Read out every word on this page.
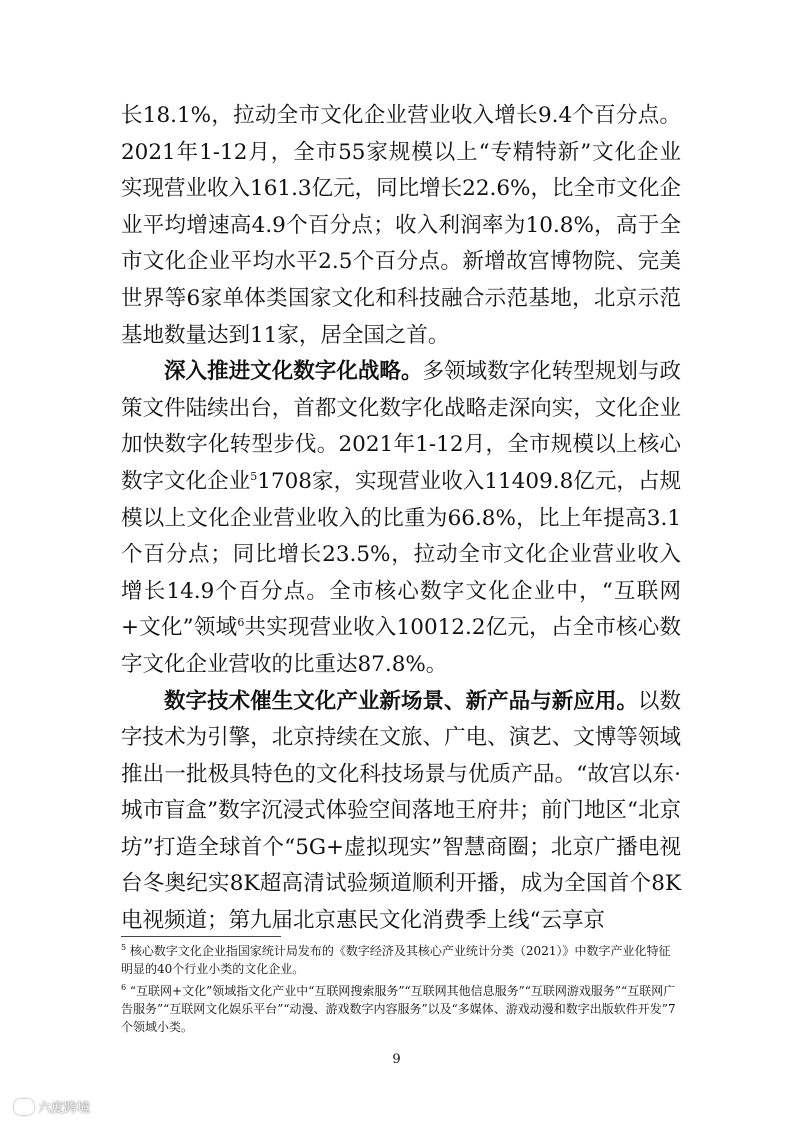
长18.1%，拉动全市文化企业营业收入增长9.4个百分点。2021年1-12月，全市55家规模以上“专精特新”文化企业实现营业收入161.3亿元，同比增长22.6%，比全市文化企业平均增速高4.9个百分点；收入利润率为10.8%，高于全市文化企业平均水平2.5个百分点。新增故宫博物院、完美世界等6家单体类国家文化和科技融合示范基地，北京示范基地数量达到11家，居全国之首。

深入推进文化数字化战略。多领域数字化转型规划与政策文件陆续出台，首都文化数字化战略走深向实，文化企业加快数字化转型步伐。2021年1-12月，全市规模以上核心数字文化企业$^5$1708家，实现营业收入11409.8亿元，占规模以上文化企业营业收入的比重为66.8%，比上年提高3.1个百分点；同比增长23.5%，拉动全市文化企业营业收入增长14.9个百分点。全市核心数字文化企业中，“互联网+文化”领域$^6$共实现营业收入10012.2亿元，占全市核心数字文化企业营收的比重达87.8%。

数字技术催生文化产业新场景、新产品与新应用。以数字技术为引擎，北京持续在文旅、广电、演艺、文博等领域推出一批极具特色的文化科技场景与优质产品。“故宫以东·城市盲盒”数字沉浸式体验空间落地王府井；前门地区“北京坊”打造全球首个“5G+虚拟现实”智慧商圈；北京广播电视台冬奥纪实8K超高清试验频道顺利开播，成为全国首个8K电视频道；第九届北京惠民文化消费季上线“云享京

$^5$ 核心数字文化企业指国家统计局发布的《数字经济及其核心产业统计分类（2021）》中数字产业化特征明显的40个行业小类的文化企业。

$^6$ “互联网+文化”领域指文化产业中“互联网搜索服务”“互联网其他信息服务”“互联网游戏服务”“互联网广告服务”“互联网文化娱乐平台”“动漫、游戏数字内容服务”以及“多媒体、游戏动漫和数字出版软件开发”7个领域小类。

9
六度跨境
